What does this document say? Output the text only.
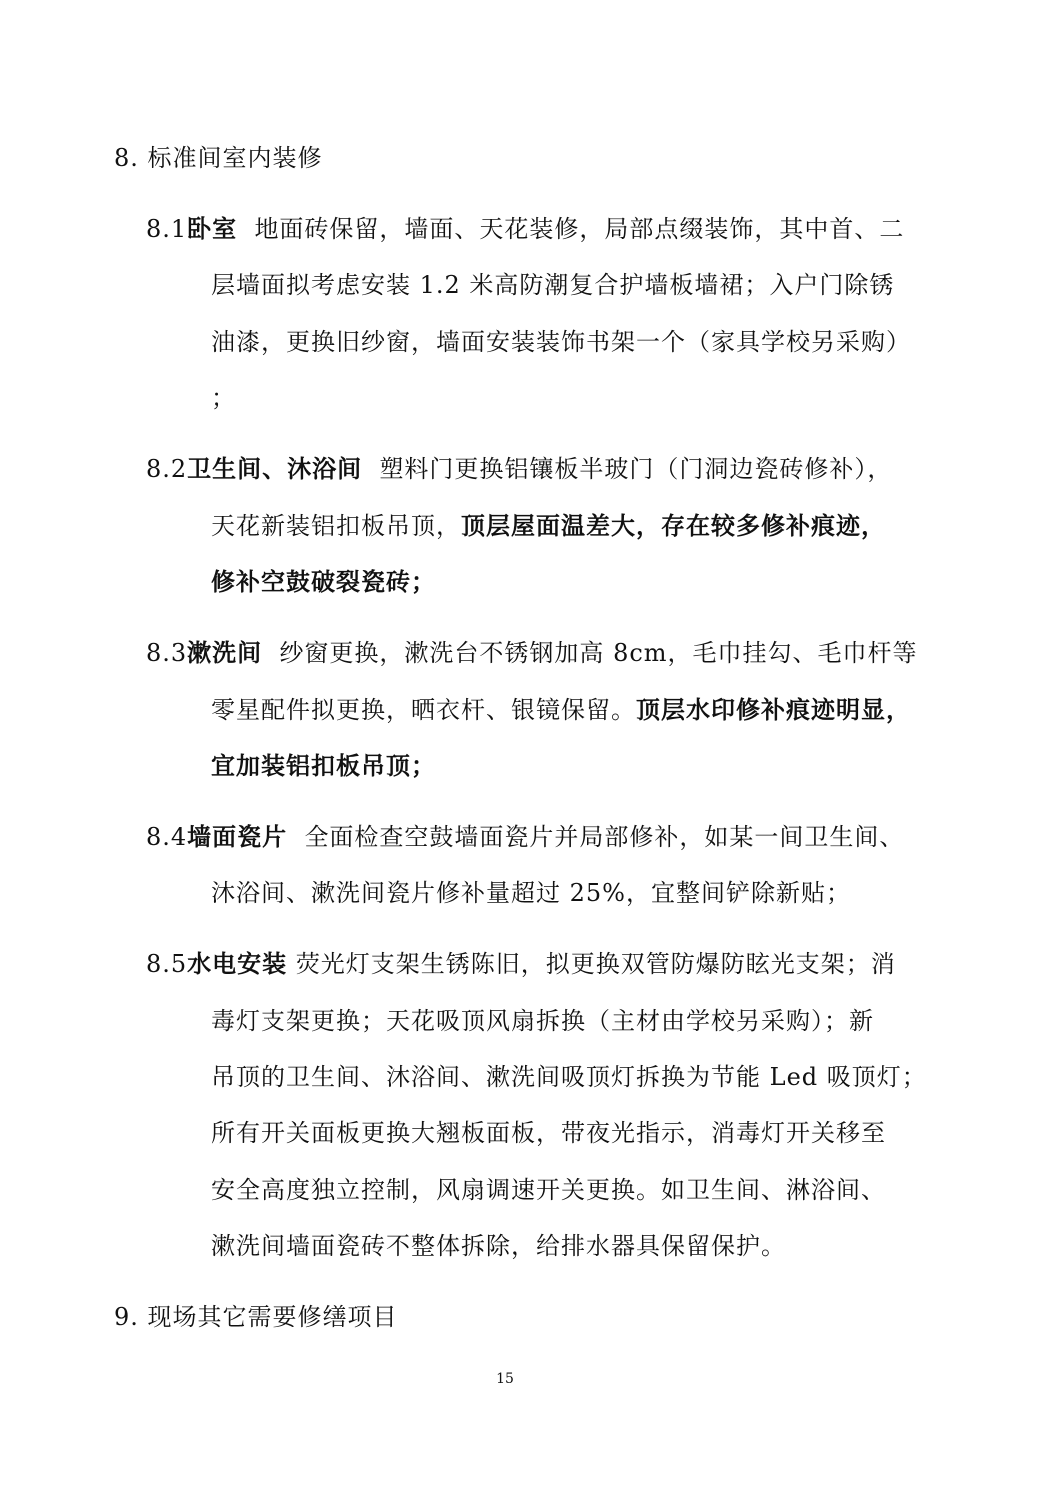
8. 标准间室内装修
8.1卧室 地面砖保留，墙面、天花装修，局部点缀装饰，其中首、二
层墙面拟考虑安装 1.2 米高防潮复合护墙板墙裙；入户门除锈
油漆，更换旧纱窗，墙面安装装饰书架一个（家具学校另采购）
；
8.2卫生间、沐浴间 塑料门更换铝镶板半玻门（门洞边瓷砖修补），
天花新装铝扣板吊顶，顶层屋面温差大，存在较多修补痕迹，
修补空鼓破裂瓷砖；
8.3漱洗间 纱窗更换，漱洗台不锈钢加高 8cm，毛巾挂勾、毛巾杆等
零星配件拟更换，晒衣杆、银镜保留。顶层水印修补痕迹明显，
宜加装铝扣板吊顶；
8.4墙面瓷片 全面检查空鼓墙面瓷片并局部修补，如某一间卫生间、
沐浴间、漱洗间瓷片修补量超过 25%，宜整间铲除新贴；
8.5水电安装 荧光灯支架生锈陈旧，拟更换双管防爆防眩光支架；消
毒灯支架更换；天花吸顶风扇拆换（主材由学校另采购）；新
吊顶的卫生间、沐浴间、漱洗间吸顶灯拆换为节能 Led 吸顶灯；
所有开关面板更换大翘板面板，带夜光指示，消毒灯开关移至
安全高度独立控制，风扇调速开关更换。如卫生间、淋浴间、
漱洗间墙面瓷砖不整体拆除，给排水器具保留保护。
9. 现场其它需要修缮项目
15
